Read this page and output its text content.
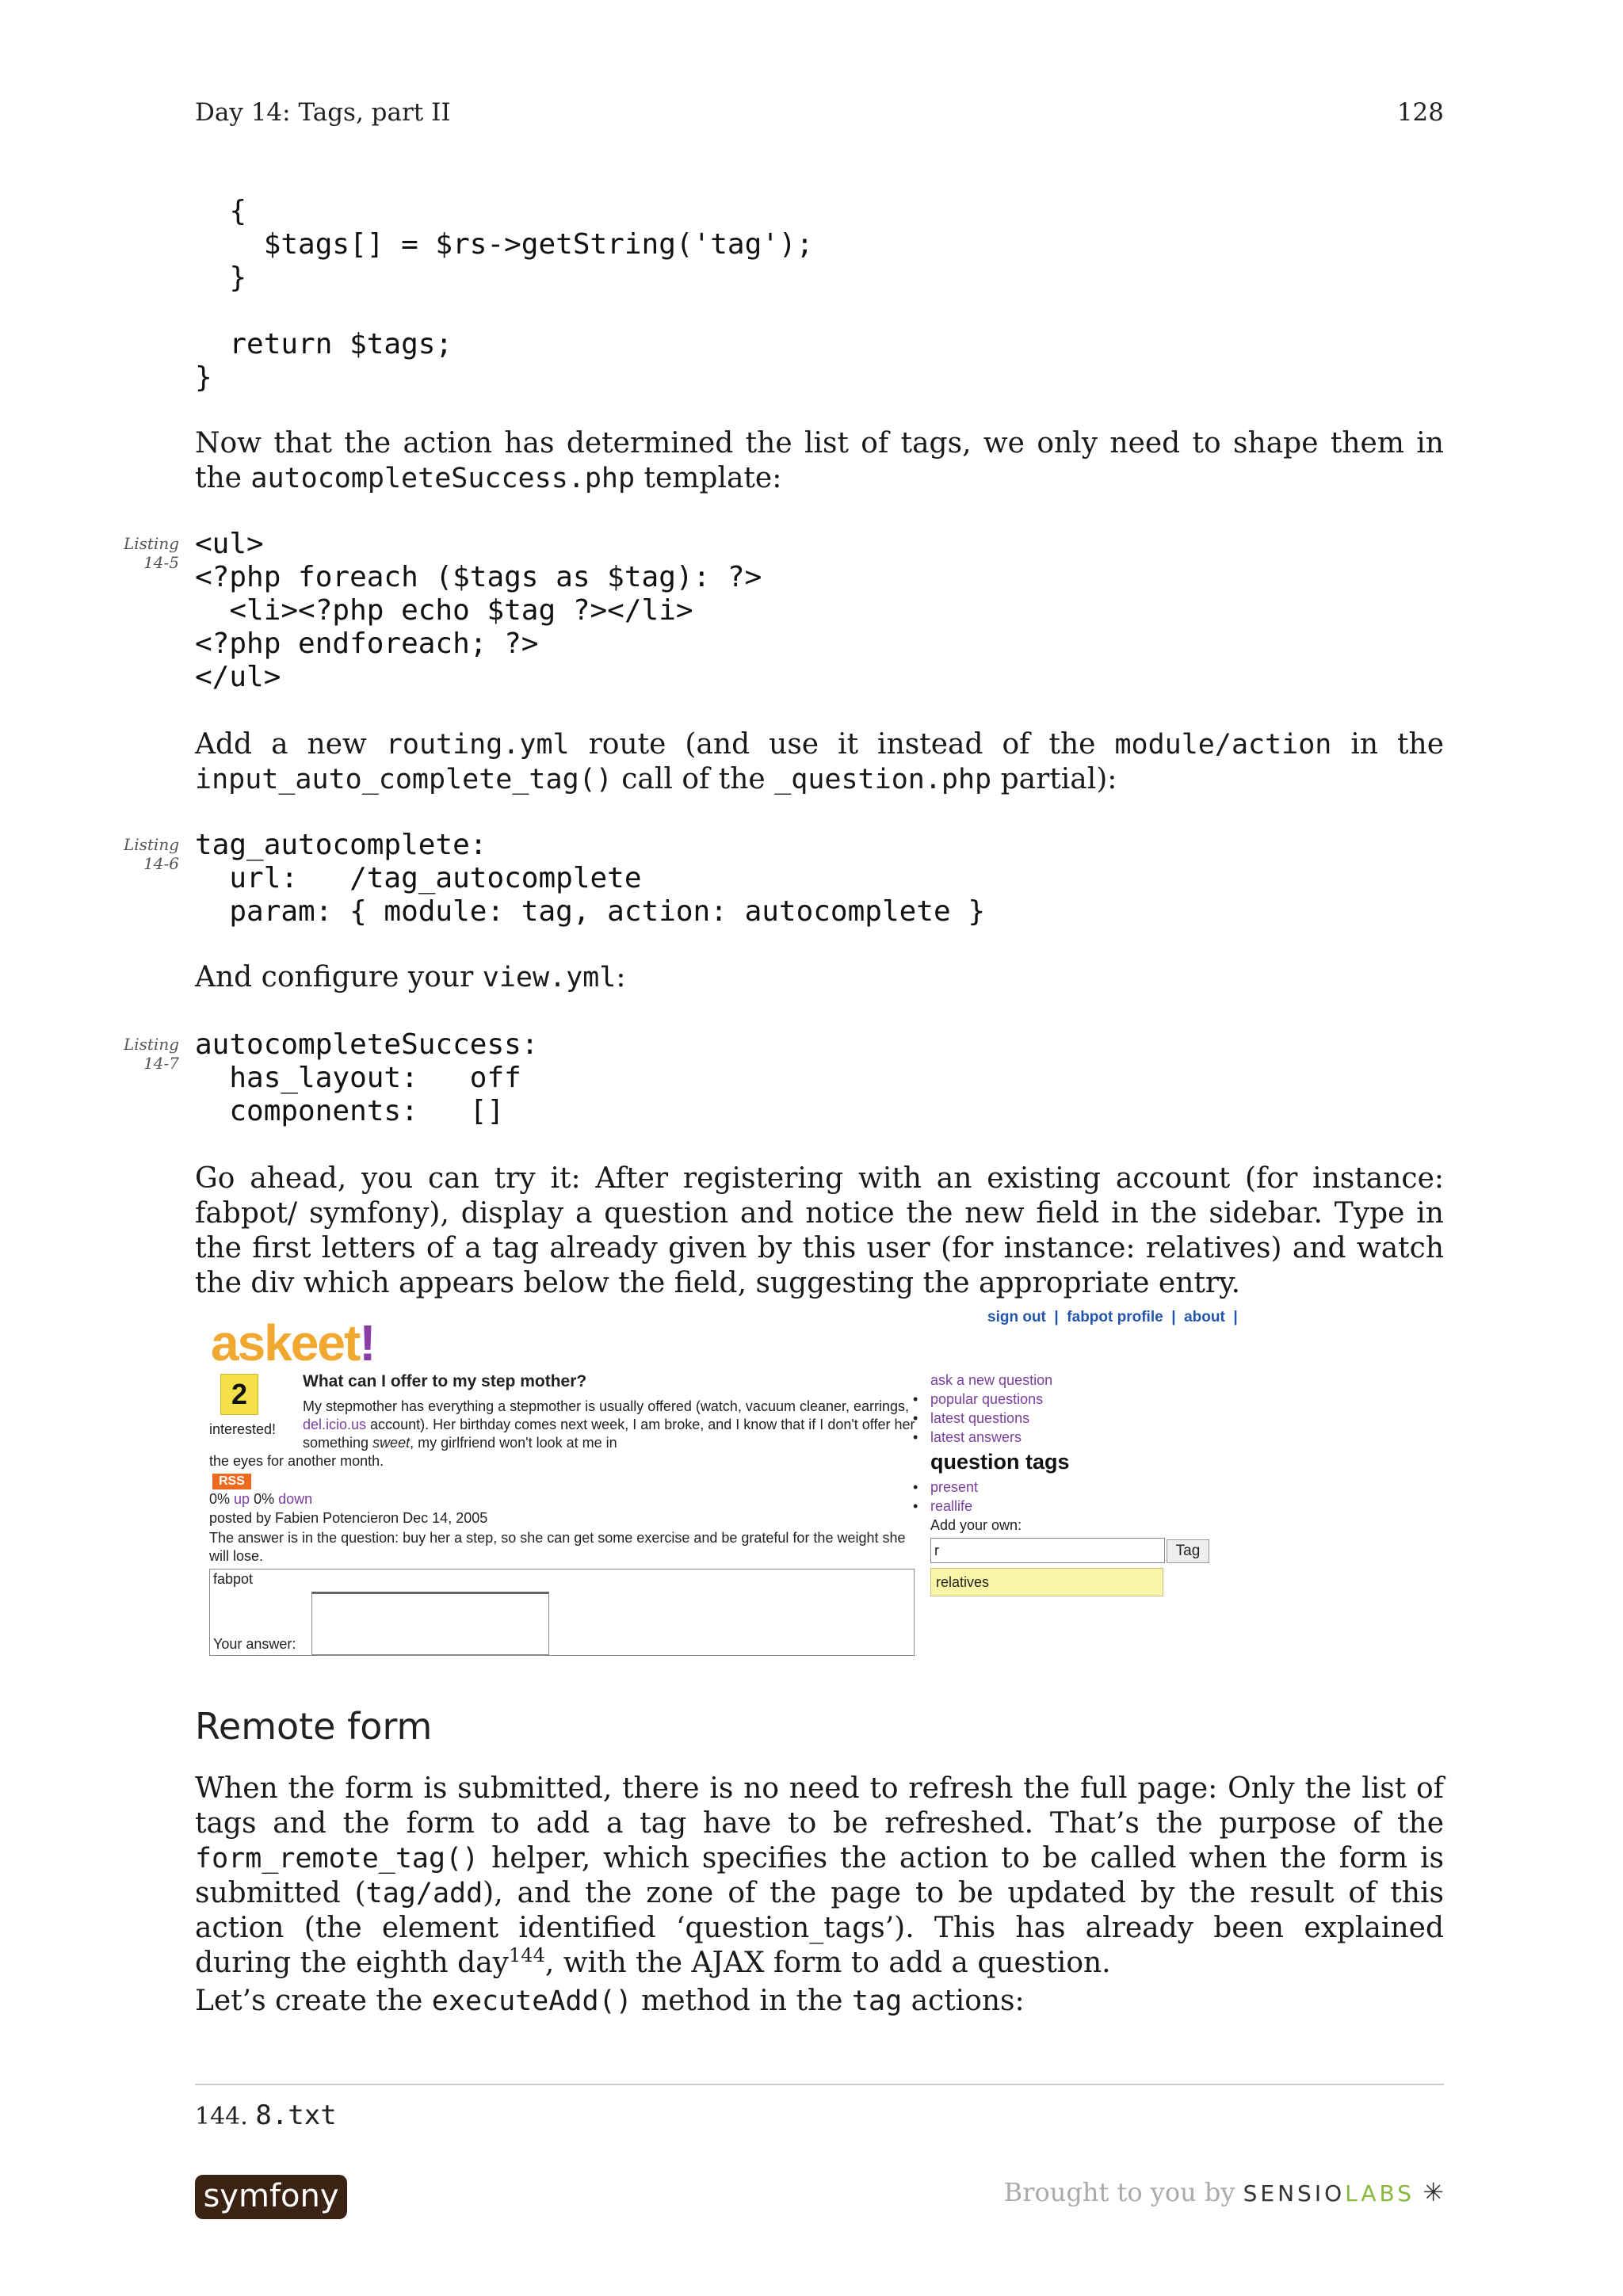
Day 14: Tags, part II	128
{
$tags[] = $rs->getString('tag');
}

return $tags;
}

Now that the action has determined the list of tags, we only need to shape them in the autocompleteSuccess.php template:

Listing
14-5
<ul>
<?php foreach ($tags as $tag): ?>
<li><?php echo $tag ?></li>
<?php endforeach; ?>
</ul>

Add a new routing.yml route (and use it instead of the module/action in the input_auto_complete_tag() call of the _question.php partial):

Listing
14-6
tag_autocomplete:
url:   /tag_autocomplete
param: { module: tag, action: autocomplete }

And configure your view.yml:

Listing
14-7
autocompleteSuccess:
has_layout:   off
components:   []

Go ahead, you can try it: After registering with an existing account (for instance: fabpot/ symfony), display a question and notice the new field in the sidebar. Type in the first letters of a tag already given by this user (for instance: relatives) and watch the div which appears below the field, suggesting the appropriate entry.

askeet!	sign out  |  fabpot profile  |  about  |
2
interested!
What can I offer to my step mother?
My stepmother has everything a stepmother is usually offered (watch, vacuum cleaner, earrings, del.icio.us account). Her birthday comes next week, I am broke, and I know that if I don't offer her something sweet, my girlfriend won't look at me in
the eyes for another month.
RSS
0% up 0% down
posted by Fabien Potencieron Dec 14, 2005
The answer is in the question: buy her a step, so she can get some exercise and be grateful for the weight she will lose.
fabpot
Your answer:
ask a new question
• popular questions
• latest questions
• latest answers
question tags
• present
• reallife
Add your own:
r	Tag
relatives
Remote form

When the form is submitted, there is no need to refresh the full page: Only the list of tags and the form to add a tag have to be refreshed. That’s the purpose of the form_remote_tag() helper, which specifies the action to be called when the form is submitted (tag/add), and the zone of the page to be updated by the result of this action (the element identified ‘question_tags’). This has already been explained during the eighth day$^{144}$, with the AJAX form to add a question.

Let’s create the executeAdd() method in the tag actions:

144. 8.txt
symfony	Brought to you by SENSIOLABS ✳
